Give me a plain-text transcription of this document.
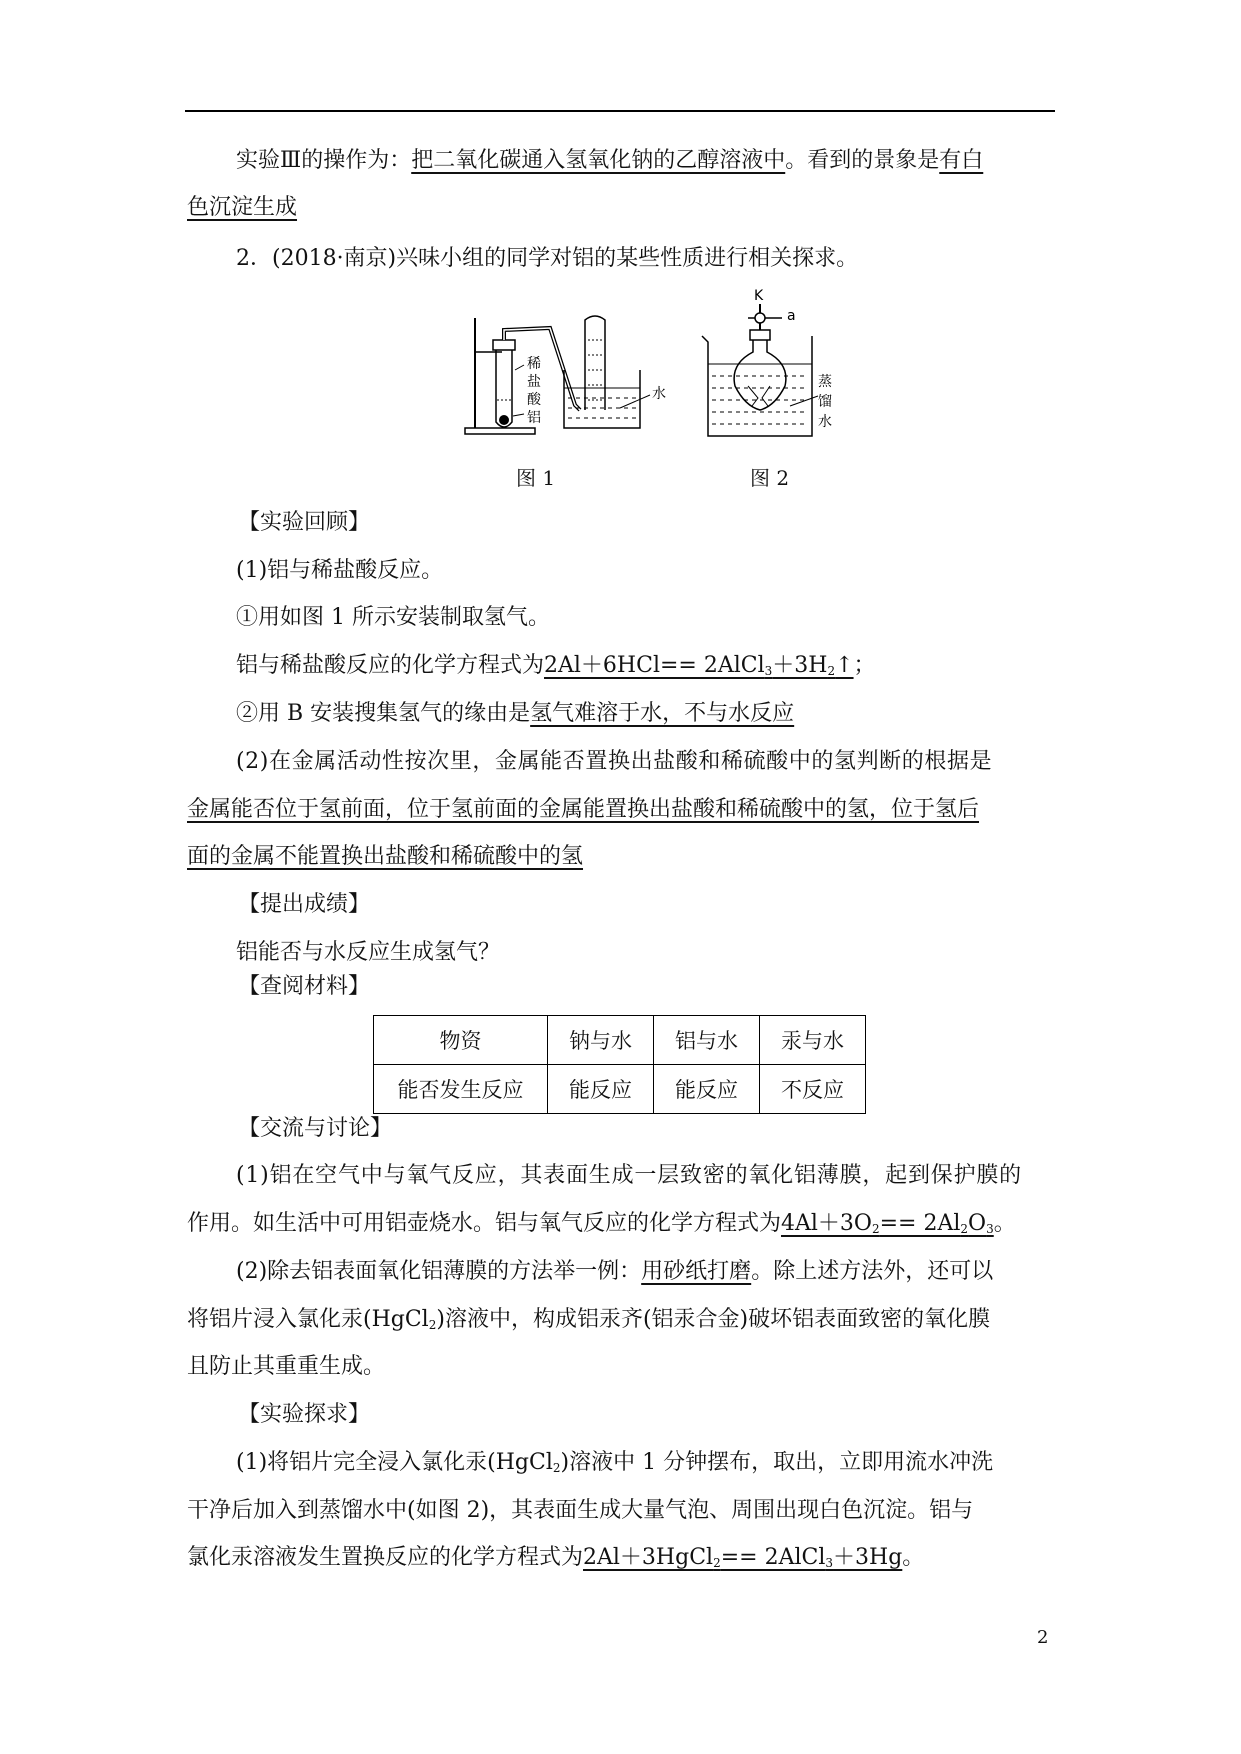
实验Ⅲ的操作为：把二氧化碳通入氢氧化钠的乙醇溶液中。看到的景象是有白
色沉淀生成
2．(2018·南京)兴味小组的同学对铝的某些性质进行相关探求。
稀
盐
酸
铝
水
图 1
K
a
蒸
馏
水
图 2
【实验回顾】
(1)铝与稀盐酸反应。
①用如图 1 所示安装制取氢气。
铝与稀盐酸反应的化学方程式为$2Al+6HCl== 2AlCl_3+3H_2↑$；
②用 B 安装搜集氢气的缘由是氢气难溶于水，不与水反应
(2)在金属活动性按次里，金属能否置换出盐酸和稀硫酸中的氢判断的根据是
金属能否位于氢前面，位于氢前面的金属能置换出盐酸和稀硫酸中的氢，位于氢后
面的金属不能置换出盐酸和稀硫酸中的氢
【提出成绩】
铝能否与水反应生成氢气？
【查阅材料】
物资	钠与水	铝与水	汞与水
能否发生反应	能反应	能反应	不反应
【交流与讨论】
(1)铝在空气中与氧气反应，其表面生成一层致密的氧化铝薄膜，起到保护膜的
作用。如生活中可用铝壶烧水。铝与氧气反应的化学方程式为$4Al+3O_2== 2Al_2O_3$。
(2)除去铝表面氧化铝薄膜的方法举一例：用砂纸打磨。除上述方法外，还可以
将铝片浸入氯化汞(HgCl$_2$)溶液中，构成铝汞齐(铝汞合金)破坏铝表面致密的氧化膜
且防止其重重生成。
【实验探求】
(1)将铝片完全浸入氯化汞(HgCl$_2$)溶液中 1 分钟摆布，取出，立即用流水冲洗
干净后加入到蒸馏水中(如图 2)，其表面生成大量气泡、周围出现白色沉淀。铝与
氯化汞溶液发生置换反应的化学方程式为2Al＋3HgCl$_2$== 2AlCl$_3$＋3Hg。
2
